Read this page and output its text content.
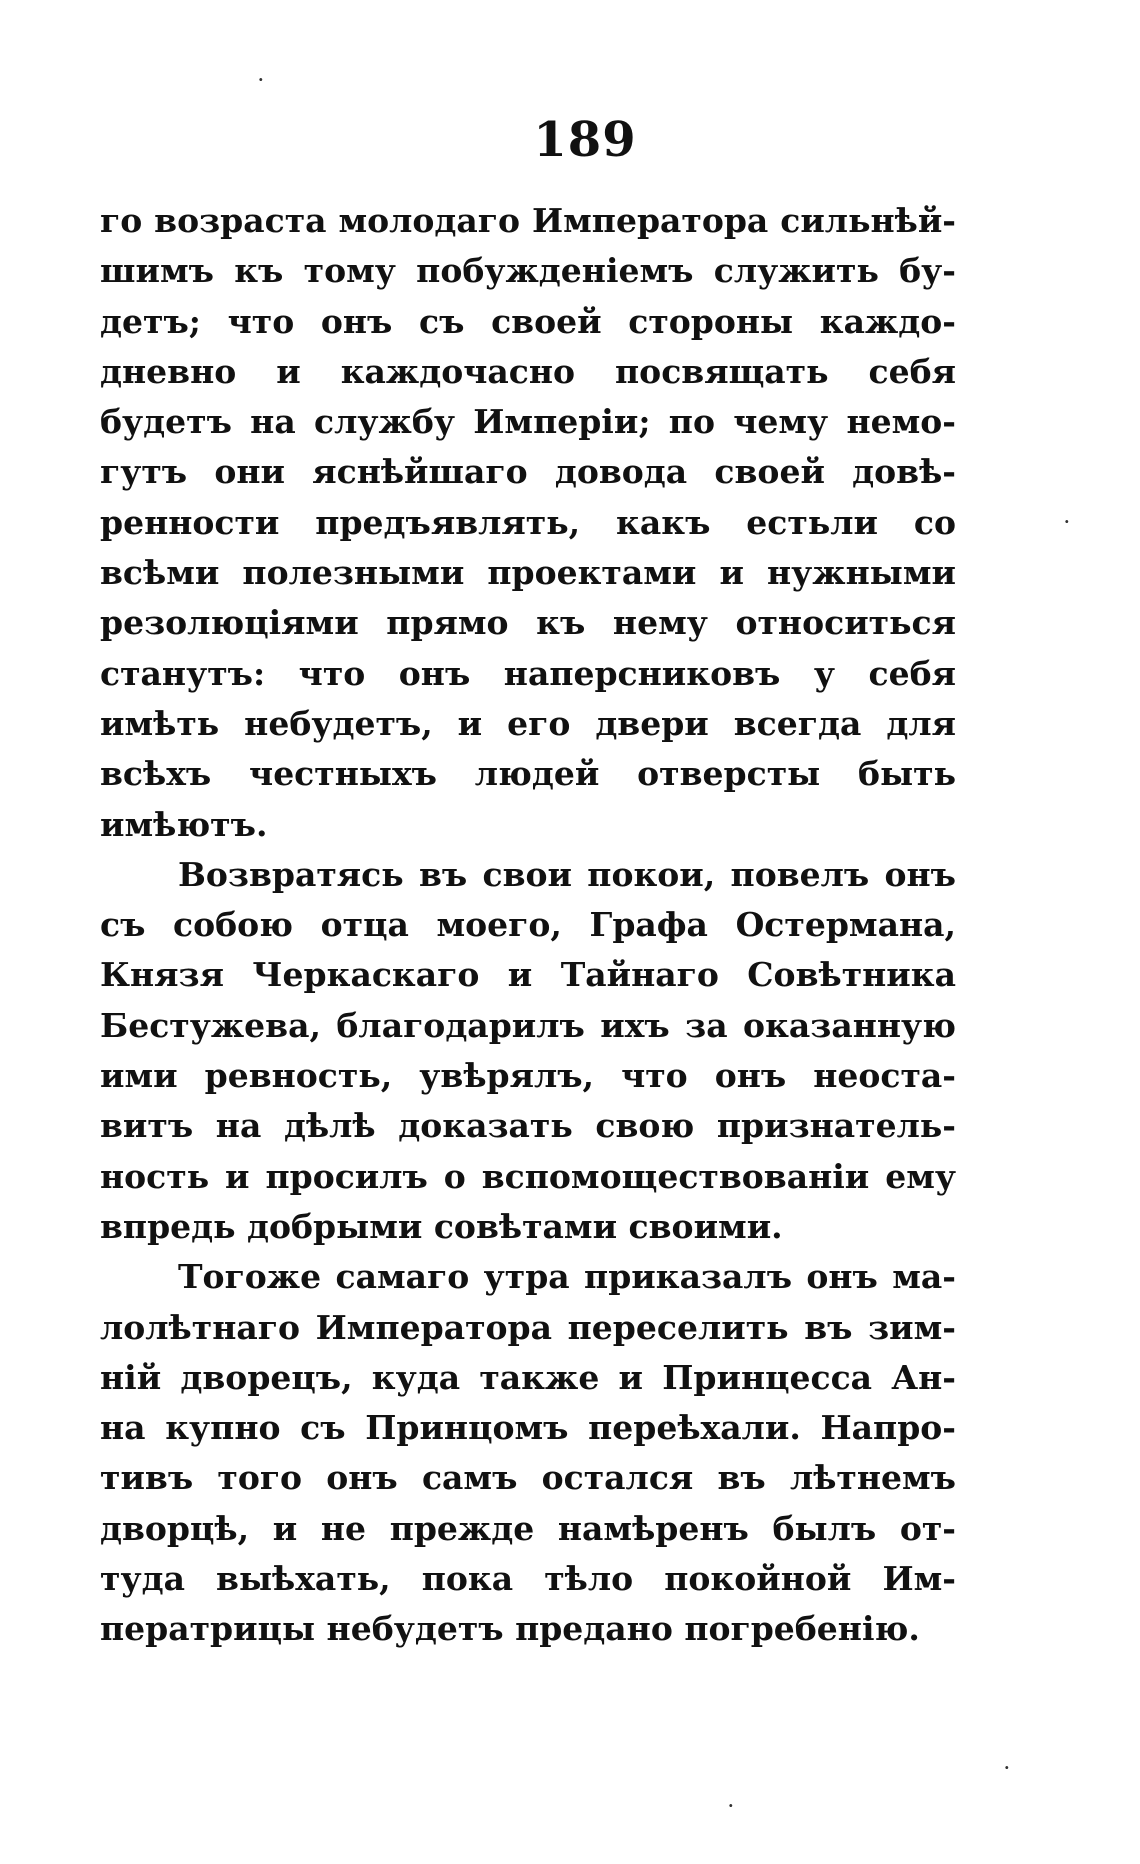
189
го возраста молодаго Императора сильнѣй-
шимъ къ тому побужденіемъ служить бу-
детъ; что онъ съ своей стороны каждо-
дневно и каждочасно посвящать себя
будетъ на службу Имперіи; по чему немо-
гутъ они яснѣйшаго довода своей довѣ-
ренности предъявлять, какъ естьли со
всѣми полезными проектами и нужными
резолюціями прямо къ нему относиться
станутъ: что онъ наперсниковъ у себя
имѣть небудетъ, и его двери всегда для
всѣхъ честныхъ людей отверсты быть
имѣютъ.
Возвратясь въ свои покои, повелъ онъ
съ собою отца моего, Графа Остермана,
Князя Черкаскаго и Тайнаго Совѣтника
Бестужева, благодарилъ ихъ за оказанную
ими ревность, увѣрялъ, что онъ неоста-
витъ на дѣлѣ доказать свою признатель-
ность и просилъ о вспомоществованіи ему
впредь добрыми совѣтами своими.
Тогожe самаго утра приказалъ онъ ма-
лолѣтнаго Императора переселить въ зим-
ній дворецъ, куда также и Принцесса Ан-
на купно съ Принцомъ переѣхали. Напро-
тивъ того онъ самъ остался въ лѣтнемъ
дворцѣ, и не прежде намѣренъ былъ от-
туда выѣхать, пока тѣло покойной Им-
ператрицы небудетъ предано погребенію.
·
·
·
·
